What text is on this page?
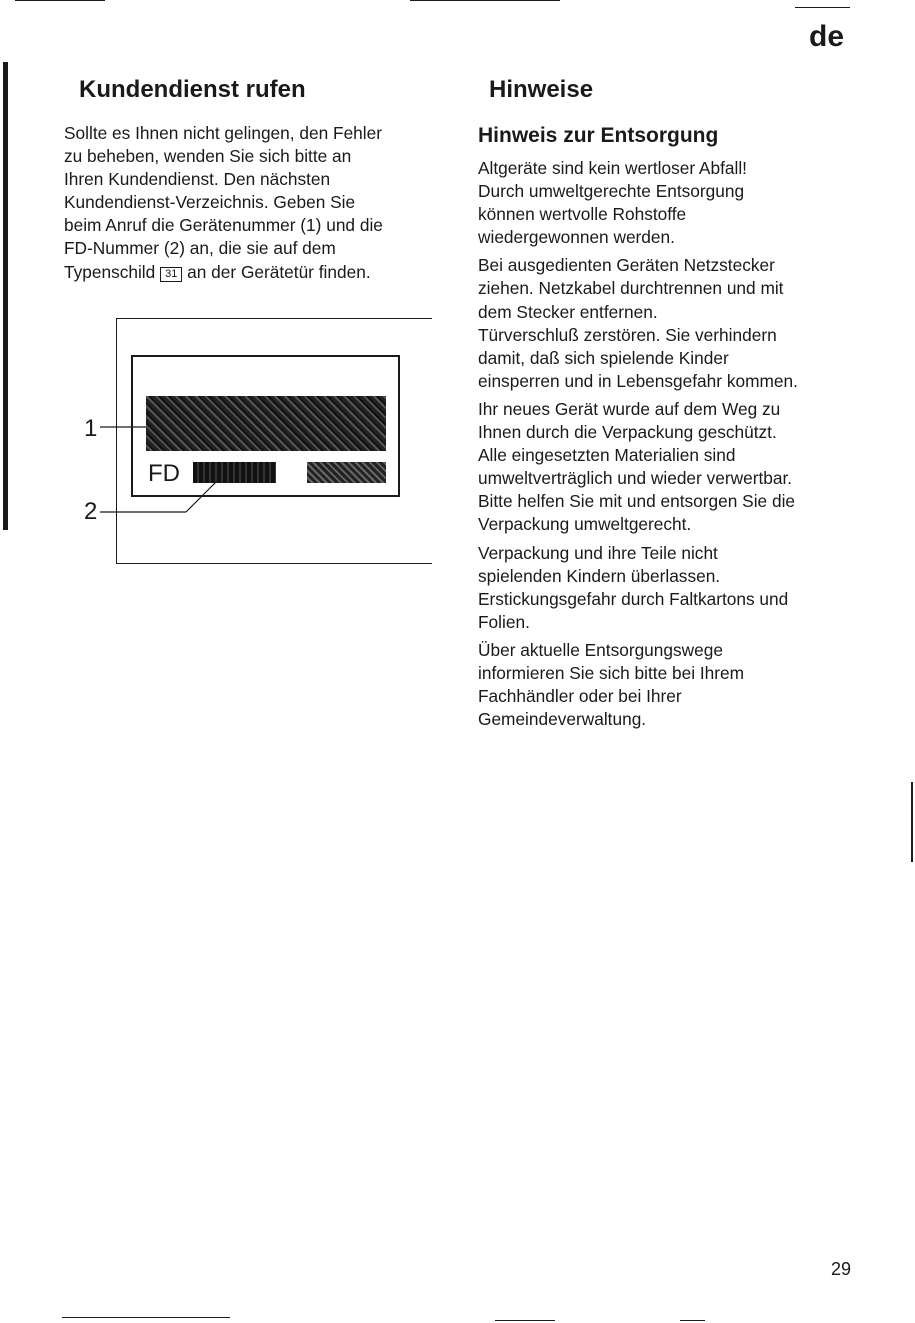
de
Kundendienst rufen
Sollte es Ihnen nicht gelingen, den Fehler
zu beheben, wenden Sie sich bitte an
Ihren Kundendienst. Den nächsten
Kundendienst-Verzeichnis. Geben Sie
beim Anruf die Gerätenummer (1) und die
FD-Nummer (2) an, die sie auf dem
Typenschild 31 an der Gerätetür finden.
FD
1
2
Hinweise
Hinweis zur Entsorgung
Altgeräte sind kein wertloser Abfall!
Durch umweltgerechte Entsorgung
können wertvolle Rohstoffe
wiedergewonnen werden.
Bei ausgedienten Geräten Netzstecker
ziehen. Netzkabel durchtrennen und mit
dem Stecker entfernen.
Türverschluß zerstören. Sie verhindern
damit, daß sich spielende Kinder
einsperren und in Lebensgefahr kommen.
Ihr neues Gerät wurde auf dem Weg zu
Ihnen durch die Verpackung geschützt.
Alle eingesetzten Materialien sind
umweltverträglich und wieder verwertbar.
Bitte helfen Sie mit und entsorgen Sie die
Verpackung umweltgerecht.
Verpackung und ihre Teile nicht
spielenden Kindern überlassen.
Erstickungsgefahr durch Faltkartons und
Folien.
Über aktuelle Entsorgungswege
informieren Sie sich bitte bei Ihrem
Fachhändler oder bei Ihrer
Gemeindeverwaltung.
29
